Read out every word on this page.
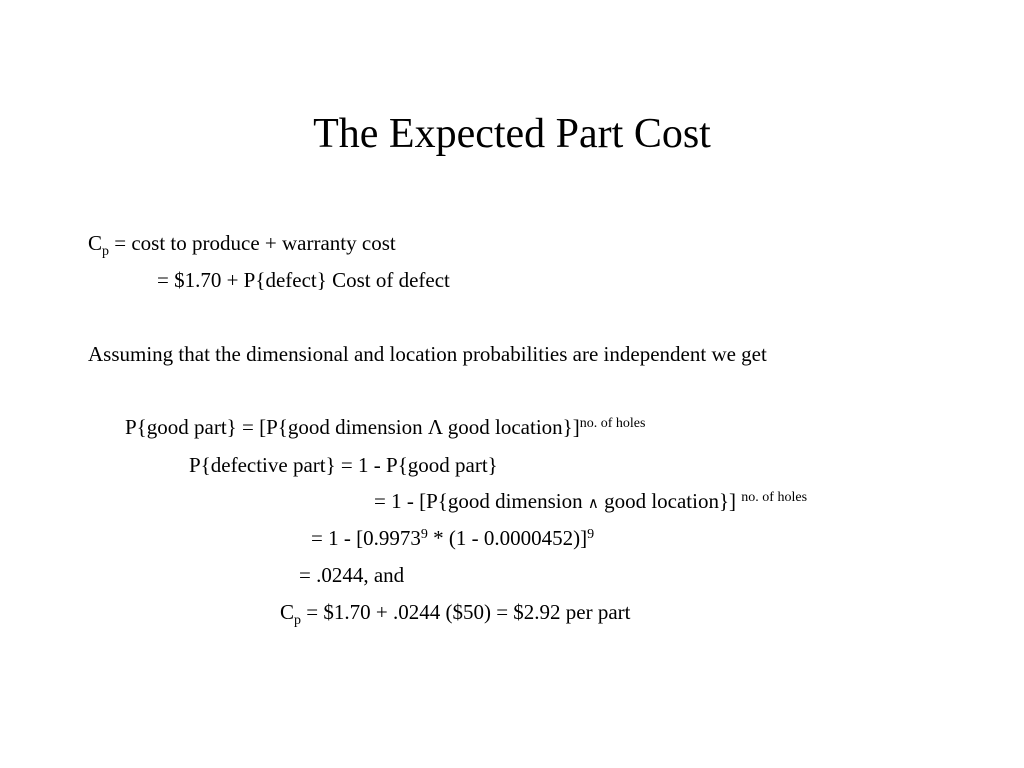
The Expected Part Cost
$C_p = \cos t$ to produce + warranty cost
= $1.70 + P{defect} Cost of defect
Assuming that the dimensional and location probabilities are independent we get
P{good part} = [P{good dimension Λ good location}]$^{no. of holes}$
P{defective part} = 1 - P{good part}
= 1 - [P{good dimension ∧ good location}] $^{no. of holes}$
= 1 - [0.9973$^9$ * (1 - 0.0000452)]$^9$
= .0244, and
$C_p$ = $1.70 + .0244 ($50) = $2.92 per part
